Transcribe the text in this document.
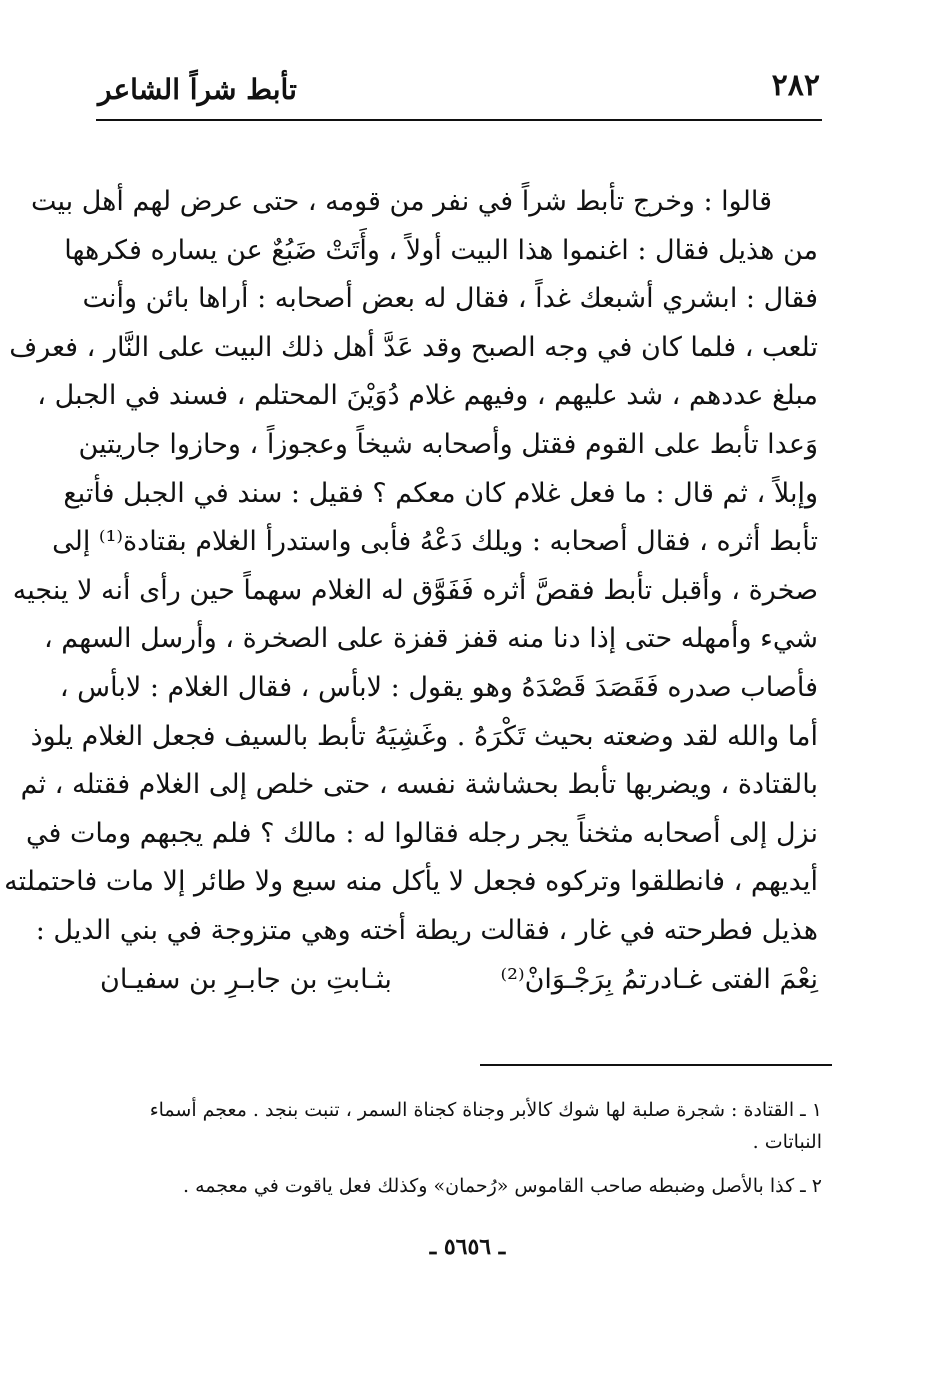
٢٨٢
تأبط شراً الشاعر
قالوا : وخرج تأبط شراً في نفر من قومه ، حتى عرض لهم أهل بيت
من هذيل فقال : اغنموا هذا البيت أولاً ، وأَتَتْ ضَبُعٌ عن يساره فكرهها
فقال : ابشري أشبعك غداً ، فقال له بعض أصحابه : أراها بائن وأنت
تلعب ، فلما كان في وجه الصبح وقد عَدَّ أهل ذلك البيت على النَّار ، فعرف
مبلغ عددهم ، شد عليهم ، وفيهم غلام دُوَيْنَ المحتلم ، فسند في الجبل ،
وَعدا تأبط على القوم فقتل وأصحابه شيخاً وعجوزاً ، وحازوا جاريتين
وإبلاً ، ثم قال : ما فعل غلام كان معكم ؟ فقيل : سند في الجبل فأتبع
تأبط أثره ، فقال أصحابه : ويلك دَعْهُ فأبى واستدرأ الغلام بقتادة⁽¹⁾ إلى
صخرة ، وأقبل تأبط فقصَّ أثره فَفَوَّق له الغلام سهماً حين رأى أنه لا ينجيه
شيء وأمهله حتى إذا دنا منه قفز قفزة على الصخرة ، وأرسل السهم ،
فأصاب صدره فَقَصَدَ قَصْدَهُ وهو يقول : لابأس ، فقال الغلام : لابأس ،
أما والله لقد وضعته بحيث تَكْرَهُ . وغَشِيَهُ تأبط بالسيف فجعل الغلام يلوذ
بالقتادة ، ويضربها تأبط بحشاشة نفسه ، حتى خلص إلى الغلام فقتله ، ثم
نزل إلى أصحابه مثخناً يجر رجله فقالوا له : مالك ؟ فلم يجبهم ومات في
أيديهم ، فانطلقوا وتركوه فجعل لا يأكل منه سبع ولا طائر إلا مات فاحتملته
هذيل فطرحته في غار ، فقالت ريطة أخته وهي متزوجة في بني الديل :
نِعْمَ الفتى غـادرتمُ بِرَجْـوَانْ⁽²⁾
بثـابتِ بن جابـرِ بن سفيـان

١ ـ القتادة : شجرة صلبة لها شوك كالأبر وجناة كجناة السمر ، تنبت بنجد . معجم أسماء النباتات .

٢ ـ كذا بالأصل وضبطه صاحب القاموس «رُحمان» وكذلك فعل ياقوت في معجمه .

ـ ٥٦٥٦ ـ
